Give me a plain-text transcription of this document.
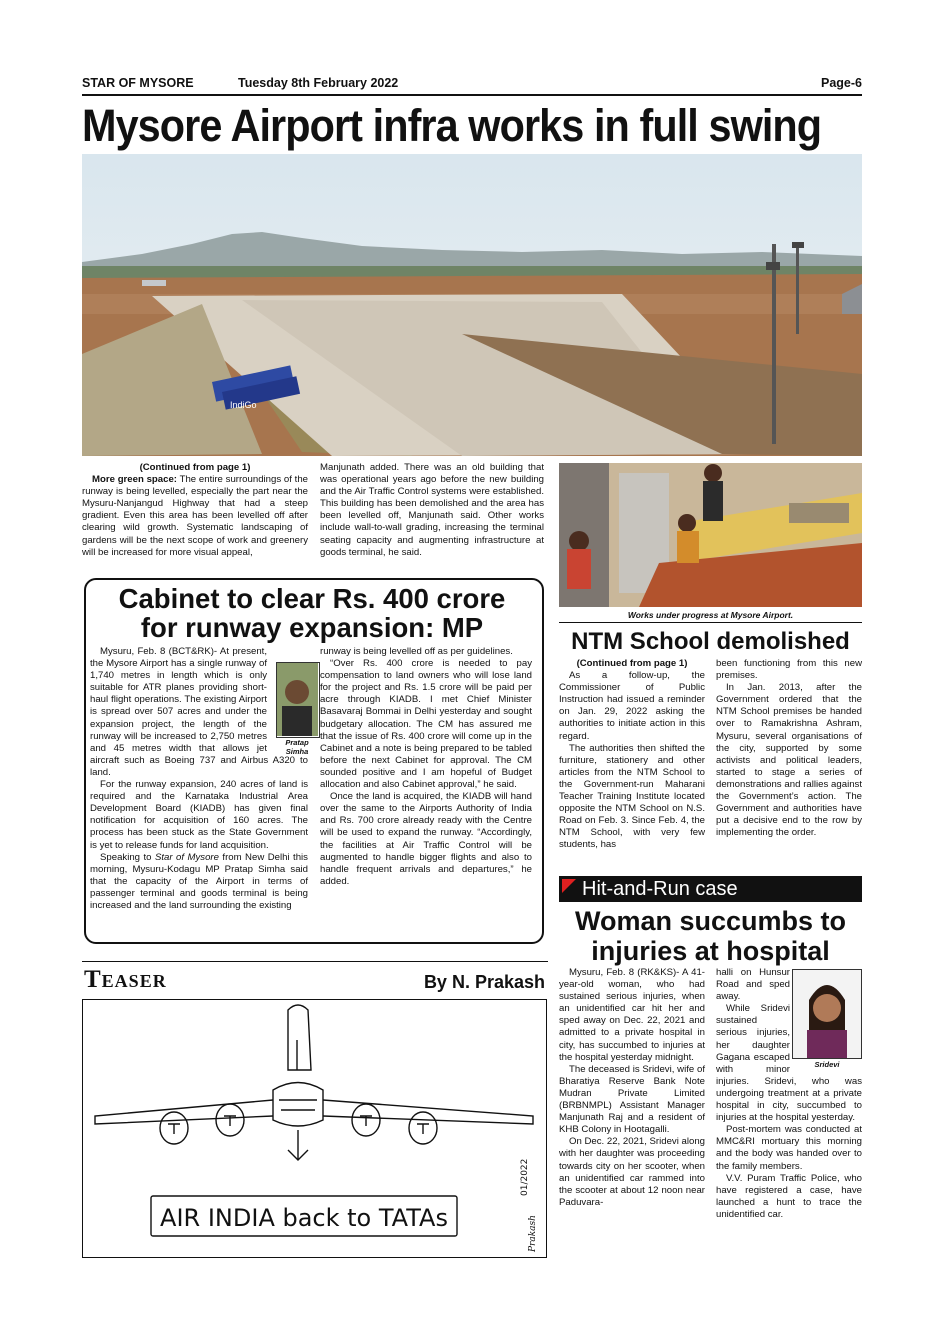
STAR OF MYSORE	Tuesday 8th February 2022	Page-6
Mysore Airport infra works in full swing
IndiGo
(Continued from page 1)

More green space: The entire surroundings of the runway is being levelled, especially the part near the Mysuru-Nanjangud Highway that had a steep gradient. Even this area has been levelled off after clearing wild growth. Systematic landscaping of gardens will be the next scope of work and greenery will be increased for more visual appeal,

Manjunath added. There was an old building that was operational years ago before the new building and the Air Traffic Control systems were established. This building has been demolished and the area has been levelled off, Manjunath said. Other works include wall-to-wall grading, increasing the terminal seating capacity and augmenting infrastructure at goods terminal, he said.

Works under progress at Mysore Airport.
Cabinet to clear Rs. 400 crore
for runway expansion: MP

Mysuru, Feb. 8 (BCT&RK)- At present, the Mysore Airport has a single runway of 1,740 metres in length which is only suitable for ATR planes providing short-haul flight operations. The existing Airport is spread over 507 acres and under the expansion project, the length of the runway will be increased to 2,750 metres and 45 metres width that allows jet aircraft such as Boeing 737 and Airbus A320 to land.

For the runway expansion, 240 acres of land is required and the Karnataka Industrial Area Development Board (KIADB) has given final notification for acquisition of 160 acres. The process has been stuck as the State Government is yet to release funds for land acquisition.

Speaking to Star of Mysore from New Delhi this morning, Mysuru-Kodagu MP Pratap Simha said that the capacity of the Airport in terms of passenger terminal and goods terminal is being increased and the land surrounding the existing

Pratap Simha

runway is being levelled off as per guidelines.

“Over Rs. 400 crore is needed to pay compensation to land owners who will lose land for the project and Rs. 1.5 crore will be paid per acre through KIADB. I met Chief Minister Basavaraj Bommai in Delhi yesterday and sought budgetary allocation. The CM has assured me that the issue of Rs. 400 crore will come up in the Cabinet and a note is being prepared to be tabled before the next Cabinet for approval. The CM sounded positive and I am hopeful of Budget allocation and also Cabinet approval,” he said.

Once the land is acquired, the KIADB will hand over the same to the Airports Authority of India and Rs. 700 crore already ready with the Centre will be used to expand the runway. “Accordingly, the facilities at Air Traffic Control will be augmented to handle bigger flights and also to handle frequent arrivals and departures,” he added.

NTM School demolished
(Continued from page 1)

As a follow-up, the Commissioner of Public Instruction had issued a reminder on Jan. 29, 2022 asking the authorities to initiate action in this regard.

The authorities then shifted the furniture, stationery and other articles from the NTM School to the Government-run Maharani Teacher Training Institute located opposite the NTM School on N.S. Road on Feb. 3. Since Feb. 4, the NTM School, with very few students, has

been functioning from this new premises.

In Jan. 2013, after the Government ordered that the NTM School premises be handed over to Ramakrishna Ashram, Mysuru, several organisations of the city, supported by some activists and political leaders, started to stage a series of demonstrations and rallies against the Government’s action. The Government and authorities have put a decisive end to the row by implementing the order.

Hit-and-Run case
Woman succumbs to
injuries at hospital

Mysuru, Feb. 8 (RK&KS)- A 41-year-old woman, who had sustained serious injuries, when an unidentified car hit her and sped away on Dec. 22, 2021 and admitted to a private hospital in city, has succumbed to injuries at the hospital yesterday midnight.

The deceased is Sridevi, wife of Bharatiya Reserve Bank Note Mudran Private Limited (BRBNMPL) Assistant Manager Manjunath Raj and a resident of KHB Colony in Hootagalli.

On Dec. 22, 2021, Sridevi along with her daughter was proceeding towards city on her scooter, when an unidentified car rammed into the scooter at about 12 noon near Paduvara-

halli on Hunsur Road and sped away.

While Sridevi sustained serious injuries, her daughter Gagana escaped with minor injuries. Sridevi, who was undergoing treatment at a private hospital in city, succumbed to injuries at the hospital yesterday.

Post-mortem was conducted at MMC&RI mortuary this morning and the body was handed over to the family members.

V.V. Puram Traffic Police, who have registered a case, have launched a hunt to trace the unidentified car.

Sridevi
Teaser	By N. Prakash
AIR INDIA back to TATAs
01/2022
Prakash
